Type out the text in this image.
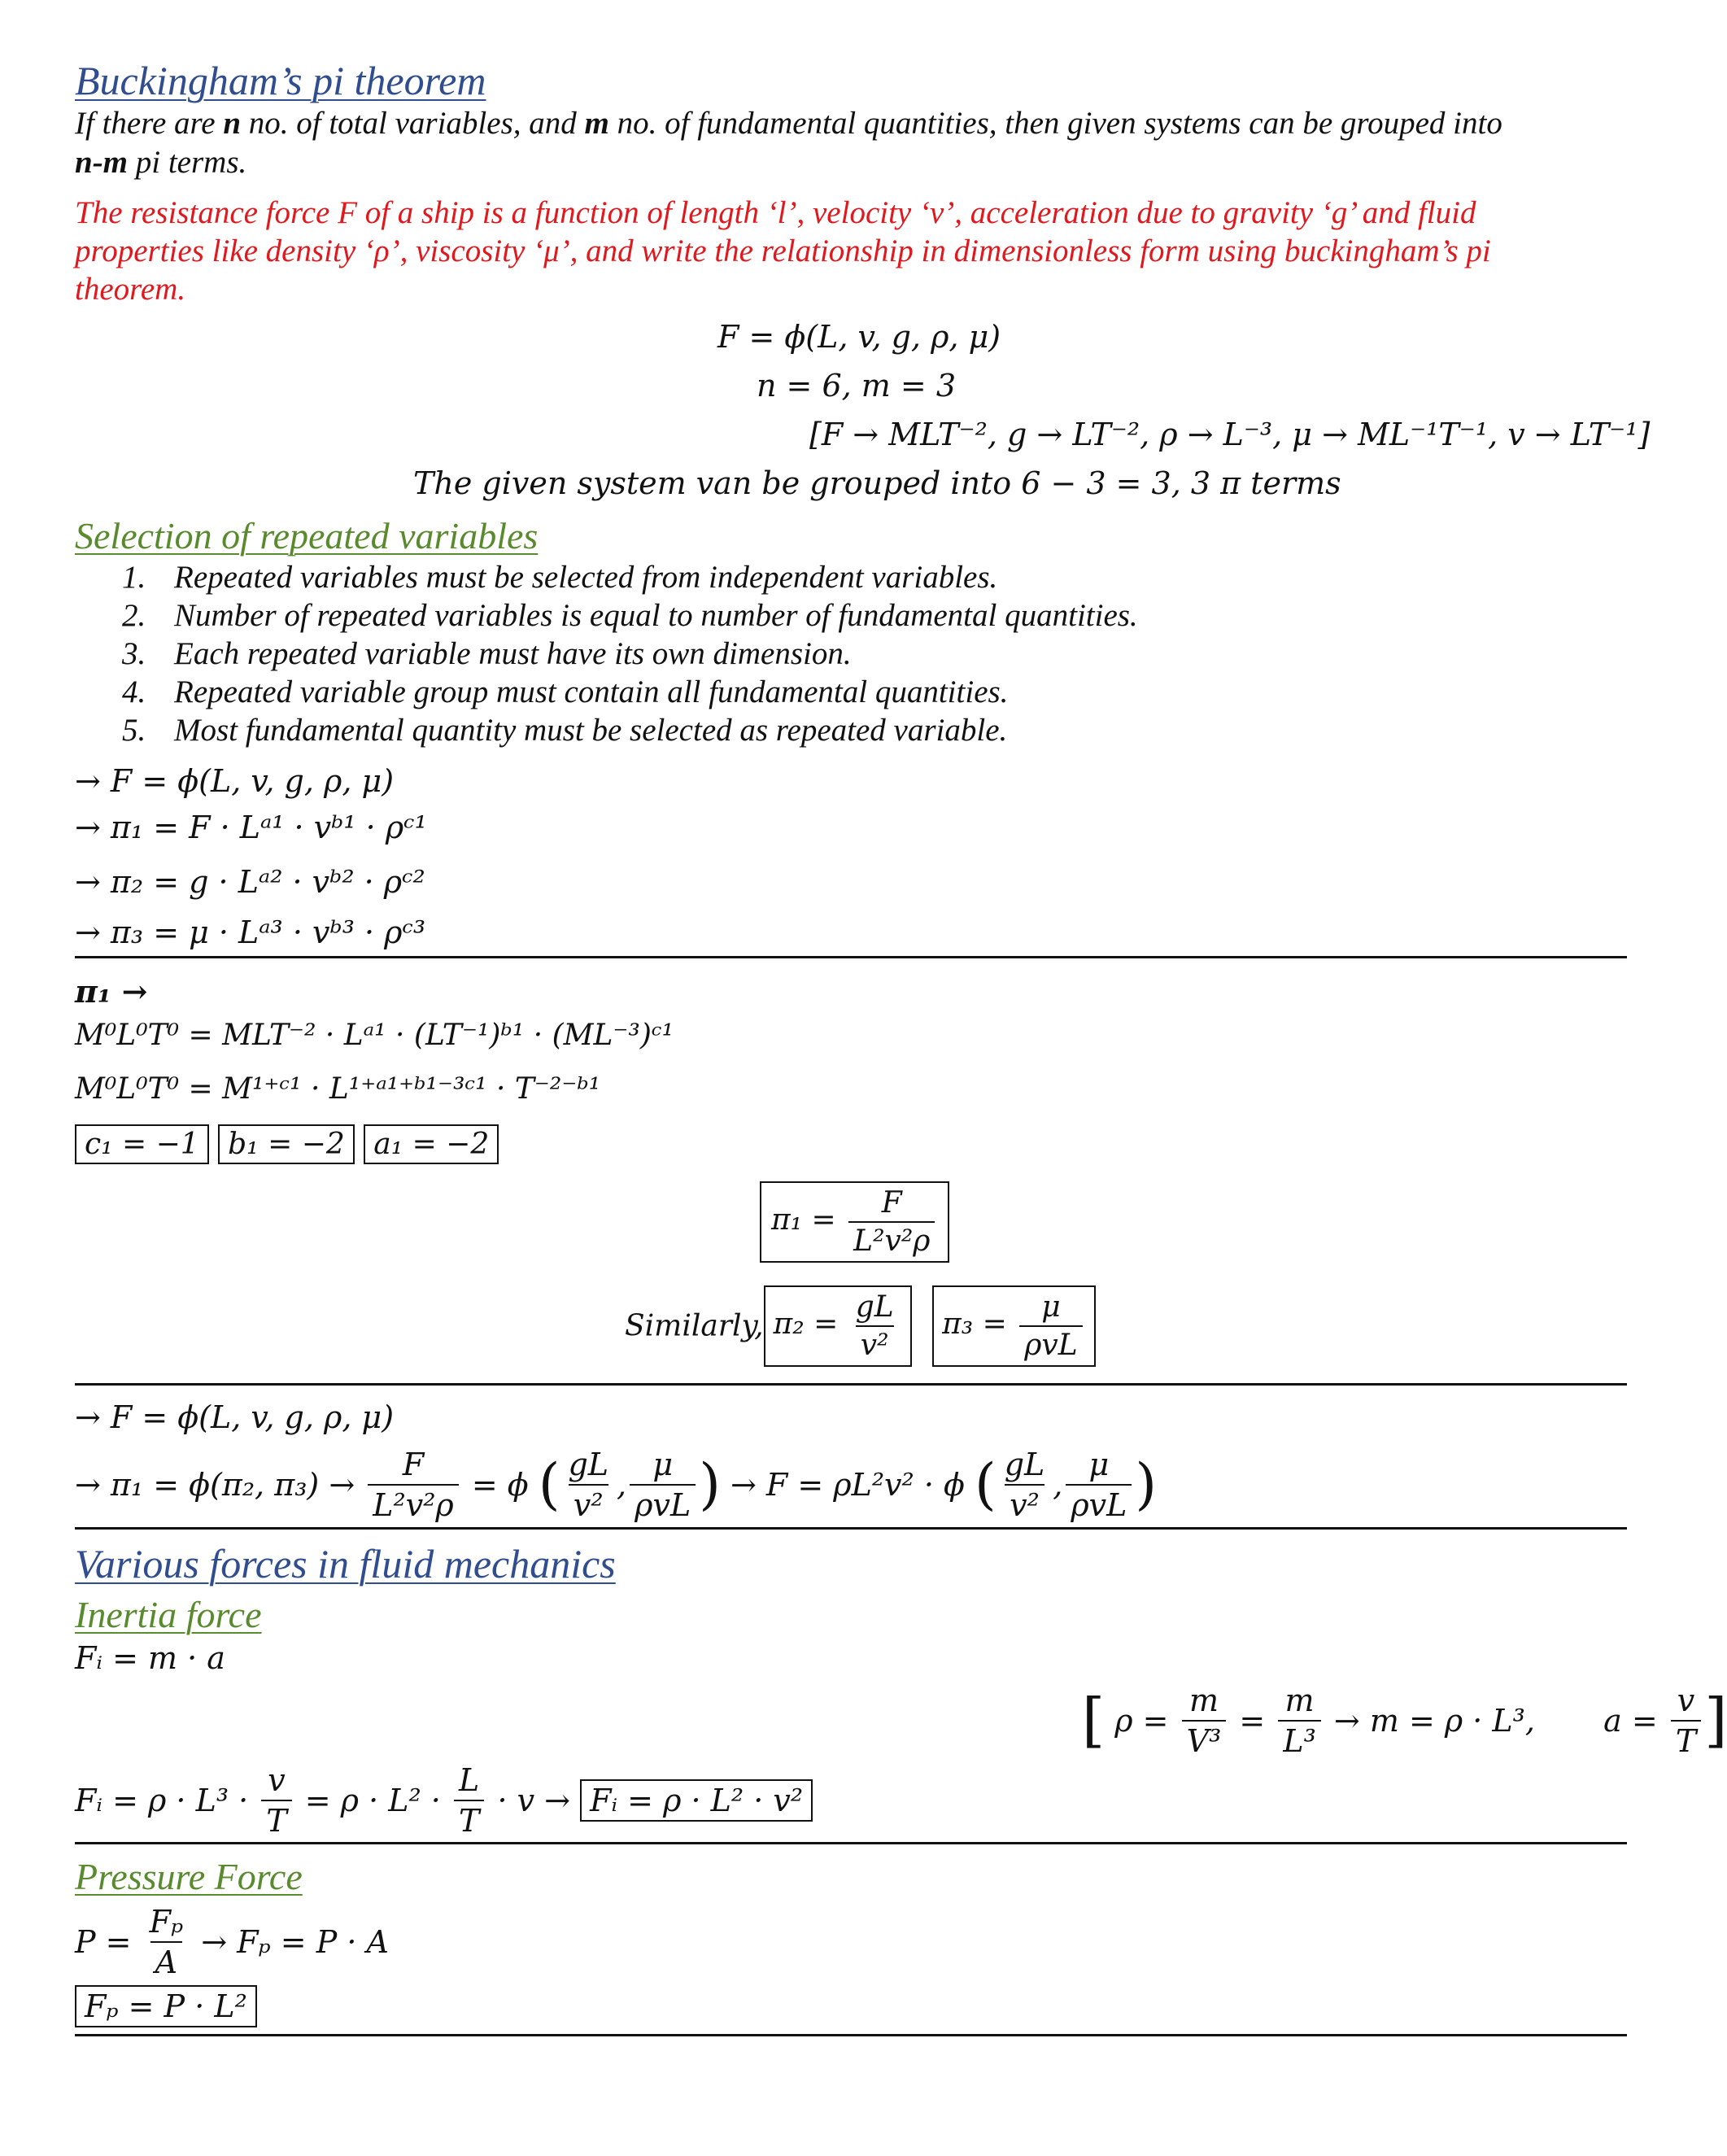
Buckingham’s pi theorem
If there are n no. of total variables, and m no. of fundamental quantities, then given systems can be grouped into
n-m pi terms.
The resistance force F of a ship is a function of length ‘l’, velocity ‘v’, acceleration due to gravity ‘g’ and fluid
properties like density ‘ρ’, viscosity ‘μ’, and write the relationship in dimensionless form using buckingham’s pi
theorem.
F = ϕ(L, v, g, ρ, μ)
n = 6, m = 3
[F → MLT⁻², g → LT⁻², ρ → L⁻³, μ → ML⁻¹T⁻¹, v → LT⁻¹]
The given system van be grouped into 6 − 3 = 3, 3 π terms
Selection of repeated variables
1. Repeated variables must be selected from independent variables.
2. Number of repeated variables is equal to number of fundamental quantities.
3. Each repeated variable must have its own dimension.
4. Repeated variable group must contain all fundamental quantities.
5. Most fundamental quantity must be selected as repeated variable.
→ F = ϕ(L, v, g, ρ, μ)
→ π₁ = F · Lᵃ¹ · vᵇ¹ · ρᶜ¹
→ π₂ = g · Lᵃ² · vᵇ² · ρᶜ²
→ π₃ = μ · Lᵃ³ · vᵇ³ · ρᶜ³
π₁ →
M⁰L⁰T⁰ = MLT⁻² · Lᵃ¹ · (LT⁻¹)ᵇ¹ · (ML⁻³)ᶜ¹
M⁰L⁰T⁰ = M¹⁺ᶜ¹ · L¹⁺ᵃ¹⁺ᵇ¹⁻³ᶜ¹ · T⁻²⁻ᵇ¹
c₁ = −1 b₁ = −2 a₁ = −2
$\pi_1 = \frac{F}{\text{L²v²ρ}}$
Similarly, $\pi_2 = \frac{gL}{\text{v²}} \pi_3 = \frac{\mu}{\text{ρvL}}$
→ F = ϕ(L, v, g, ρ, μ)
→ π₁ = ϕ(π₂, $\pi_3) \to \frac{F}{\text{L²v²ρ}} = \phi$ ( $\frac{gL}{\text{v²}}$ , $\frac{\mu}{\text{ρvL}}$ ) → F = ρL²v² · ϕ ( $\frac{gL}{\text{v²}}$ , $\frac{\mu}{\text{ρvL}}$ )
Various forces in fluid mechanics
Inertia force
Fᵢ = m · a
[ $\rho = \frac{m}{\text{V³}} = \frac{m}{\text{L³}} \to m = \rho \cdot L^3$, $a = \frac{v}{T}$ ]
Fᵢ = $\rho \cdot L^3 \cdot \frac{v}{T} = \rho \cdot L^2 \cdot \frac{L}{T} \cdot v$ → Fᵢ = ρ · L² · v²
Pressure Force
$P = \frac{\text{Fₚ}}{A} \to F_p = P \cdot A$
Fₚ = P · L²
